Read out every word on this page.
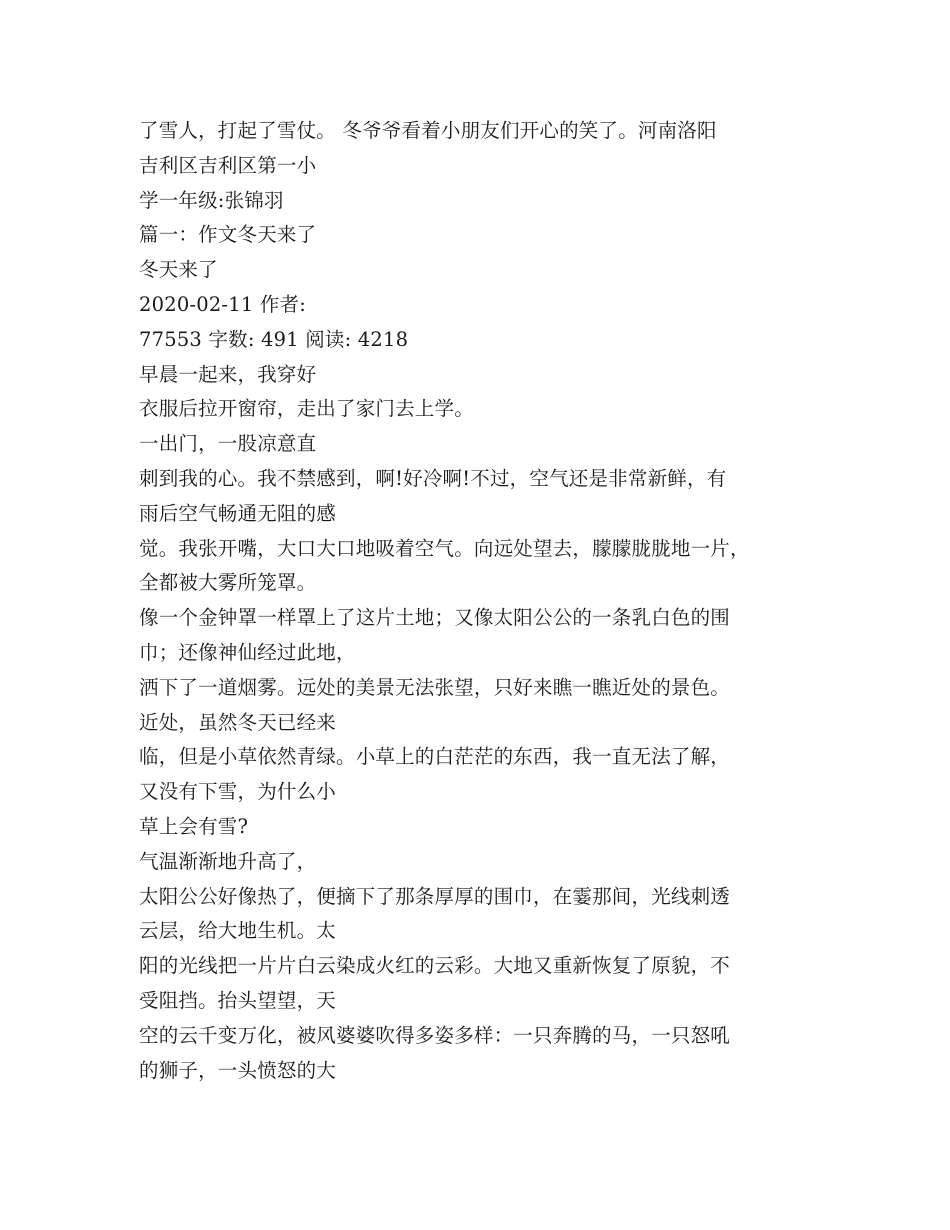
了雪人，打起了雪仗。 冬爷爷看着小朋友们开心的笑了。河南洛阳
吉利区吉利区第一小
学一年级:张锦羽
篇一：作文冬天来了
冬天来了
2020-02-11 作者:
77553 字数: 491 阅读: 4218
早晨一起来，我穿好
衣服后拉开窗帘，走出了家门去上学。
一出门，一股凉意直
刺到我的心。我不禁感到，啊!好冷啊!不过，空气还是非常新鲜，有
雨后空气畅通无阻的感
觉。我张开嘴，大口大口地吸着空气。向远处望去，朦朦胧胧地一片，
全都被大雾所笼罩。
像一个金钟罩一样罩上了这片土地；又像太阳公公的一条乳白色的围
巾；还像神仙经过此地，
洒下了一道烟雾。远处的美景无法张望，只好来瞧一瞧近处的景色。
近处，虽然冬天已经来
临，但是小草依然青绿。小草上的白茫茫的东西，我一直无法了解，
又没有下雪，为什么小
草上会有雪?
气温渐渐地升高了，
太阳公公好像热了，便摘下了那条厚厚的围巾，在霎那间，光线刺透
云层，给大地生机。太
阳的光线把一片片白云染成火红的云彩。大地又重新恢复了原貌，不
受阻挡。抬头望望，天
空的云千变万化，被风婆婆吹得多姿多样：一只奔腾的马，一只怒吼
的狮子，一头愤怒的大
